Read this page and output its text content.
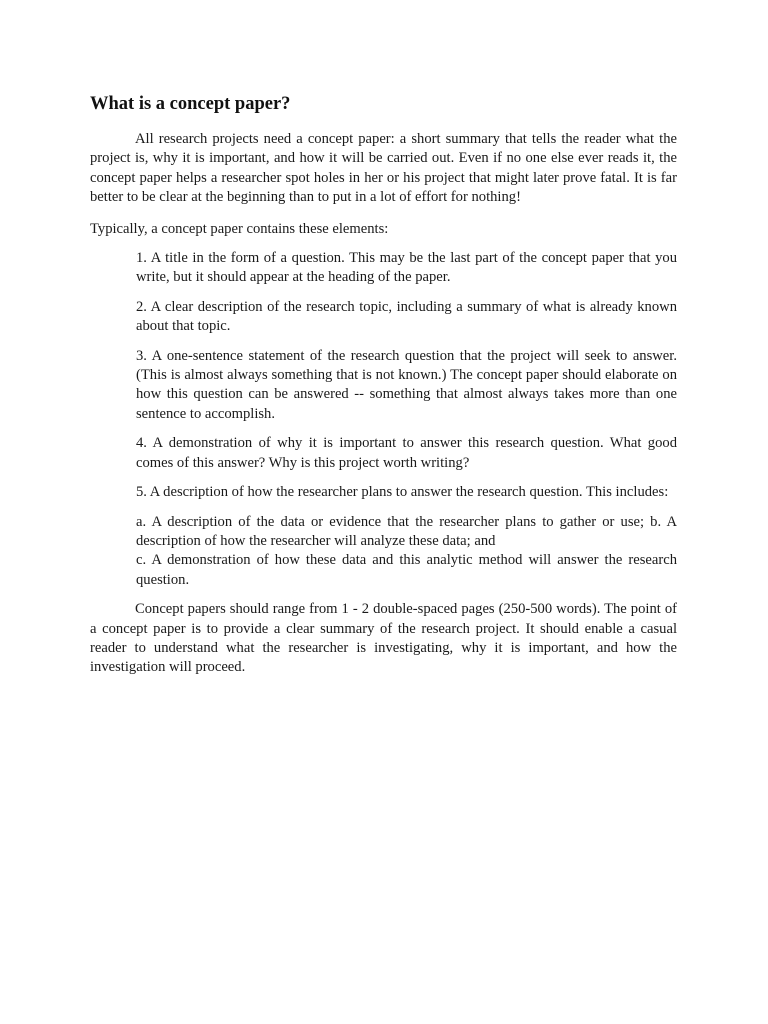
What is a concept paper?

All research projects need a concept paper: a short summary that tells the reader what the project is, why it is important, and how it will be carried out. Even if no one else ever reads it, the concept paper helps a researcher spot holes in her or his project that might later prove fatal. It is far better to be clear at the beginning than to put in a lot of effort for nothing!

Typically, a concept paper contains these elements:

1. A title in the form of a question. This may be the last part of the concept paper that you write, but it should appear at the heading of the paper.

2. A clear description of the research topic, including a summary of what is already known about that topic.

3. A one-sentence statement of the research question that the project will seek to answer. (This is almost always something that is not known.) The concept paper should elaborate on how this question can be answered -- something that almost always takes more than one sentence to accomplish.

4. A demonstration of why it is important to answer this research question. What good comes of this answer? Why is this project worth writing?

5. A description of how the researcher plans to answer the research question. This includes:

a. A description of the data or evidence that the researcher plans to gather or use; b. A description of how the researcher will analyze these data; and

c. A demonstration of how these data and this analytic method will answer the research question.

Concept papers should range from 1 - 2 double-spaced pages (250-500 words). The point of a concept paper is to provide a clear summary of the research project. It should enable a casual reader to understand what the researcher is investigating, why it is important, and how the investigation will proceed.
